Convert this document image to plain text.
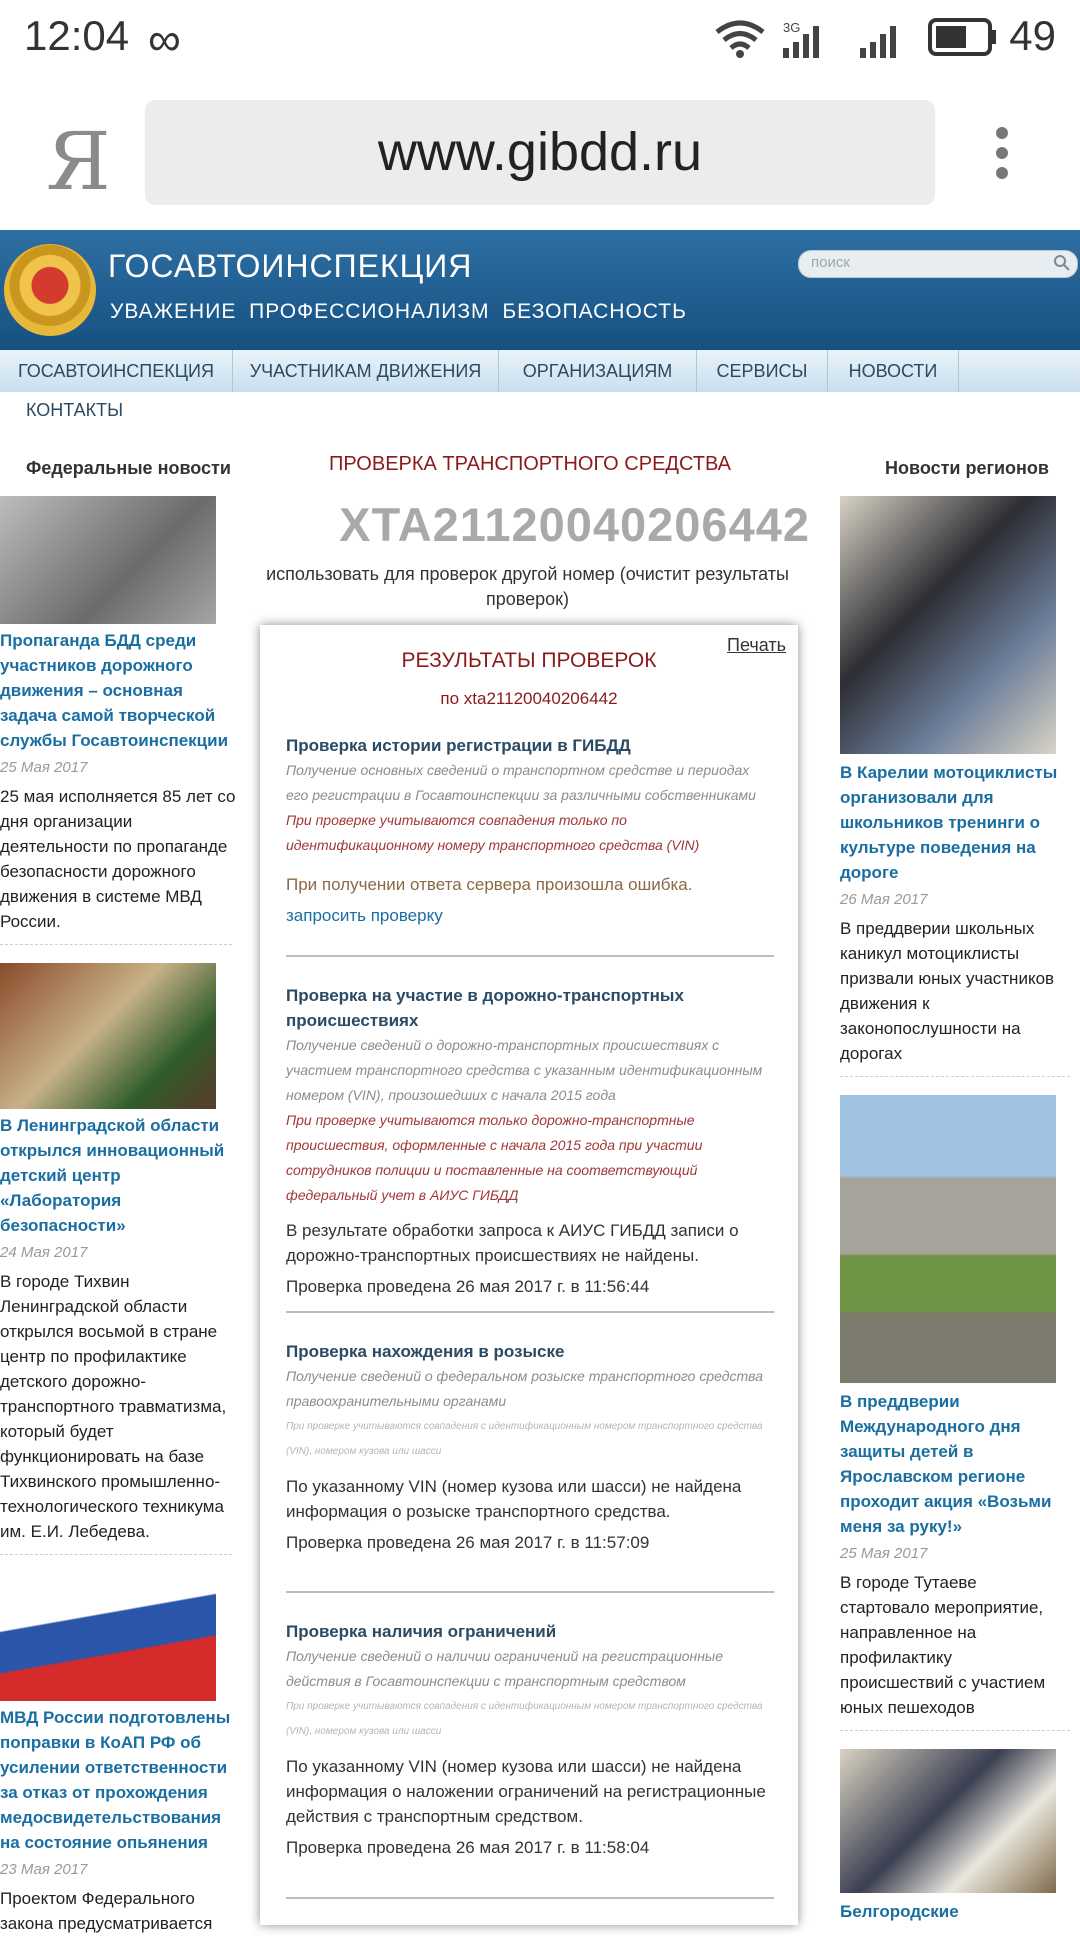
12:04 ∞	3G	49
Я	www.gibdd.ru
ГОСАВТОИНСПЕКЦИЯ
УВАЖЕНИЕ ПРОФЕССИОНАЛИЗМ БЕЗОПАСНОСТЬ
поиск
ГОСАВТОИНСПЕКЦИЯ	УЧАСТНИКАМ ДВИЖЕНИЯ	ОРГАНИЗАЦИЯМ	СЕРВИСЫ	НОВОСТИ
КОНТАКТЫ
Федеральные новости
Пропаганда БДД среди участников дорожного движения – основная задача самой творческой службы Госавтоинспекции
25 Мая 2017
25 мая исполняется 85 лет со дня организации деятельности по пропаганде безопасности дорожного движения в системе МВД России.
В Ленинградской области открылся инновационный детский центр «Лаборатория безопасности»
24 Мая 2017
В городе Тихвин Ленинградской области открылся восьмой в стране центр по профилактике детского дорожно-транспортного травматизма, который будет функционировать на базе Тихвинского промышленно-технологического техникума им. Е.И. Лебедева.
МВД России подготовлены поправки в КоАП РФ об усилении ответственности за отказ от прохождения медосвидетельствования на состояние опьянения
23 Мая 2017
Проектом Федерального закона предусматривается
Новости регионов
В Карелии мотоциклисты организовали для школьников тренинги о культуре поведения на дороге
26 Мая 2017
В преддверии школьных каникул мотоциклисты призвали юных участников движения к законопослушности на дорогах
В преддверии Международного дня защиты детей в Ярославском регионе проходит акция «Возьми меня за руку!»
25 Мая 2017
В городе Тутаеве стартовало мероприятие, направленное на профилактику происшествий с участием юных пешеходов
Белгородские
ПРОВЕРКА ТРАНСПОРТНОГО СРЕДСТВА
XTA21120040206442
использовать для проверок другой номер (очистит результаты проверок)
Печать
РЕЗУЛЬТАТЫ ПРОВЕРОК
по xta21120040206442
Проверка истории регистрации в ГИБДД
Получение основных сведений о транспортном средстве и периодах его регистрации в Госавтоинспекции за различными собственниками
При проверке учитываются совпадения только по идентификационному номеру транспортного средства (VIN)
При получении ответа сервера произошла ошибка.
запросить проверку
Проверка на участие в дорожно-транспортных происшествиях
Получение сведений о дорожно-транспортных происшествиях с участием транспортного средства с указанным идентификационным номером (VIN), произошедших с начала 2015 года
При проверке учитываются только дорожно-транспортные происшествия, оформленные с начала 2015 года при участии сотрудников полиции и поставленные на соответствующий федеральный учет в АИУС ГИБДД
В результате обработки запроса к АИУС ГИБДД записи о дорожно-транспортных происшествиях не найдены.
Проверка проведена 26 мая 2017 г. в 11:56:44
Проверка нахождения в розыске
Получение сведений о федеральном розыске транспортного средства правоохранительными органами
При проверке учитываются совпадения с идентификационным номером транспортного средства (VIN), номером кузова или шасси
По указанному VIN (номер кузова или шасси) не найдена информация о розыске транспортного средства.
Проверка проведена 26 мая 2017 г. в 11:57:09
Проверка наличия ограничений
Получение сведений о наличии ограничений на регистрационные действия в Госавтоинспекции с транспортным средством
При проверке учитываются совпадения с идентификационным номером транспортного средства (VIN), номером кузова или шасси
По указанному VIN (номер кузова или шасси) не найдена информация о наложении ограничений на регистрационные действия с транспортным средством.
Проверка проведена 26 мая 2017 г. в 11:58:04
